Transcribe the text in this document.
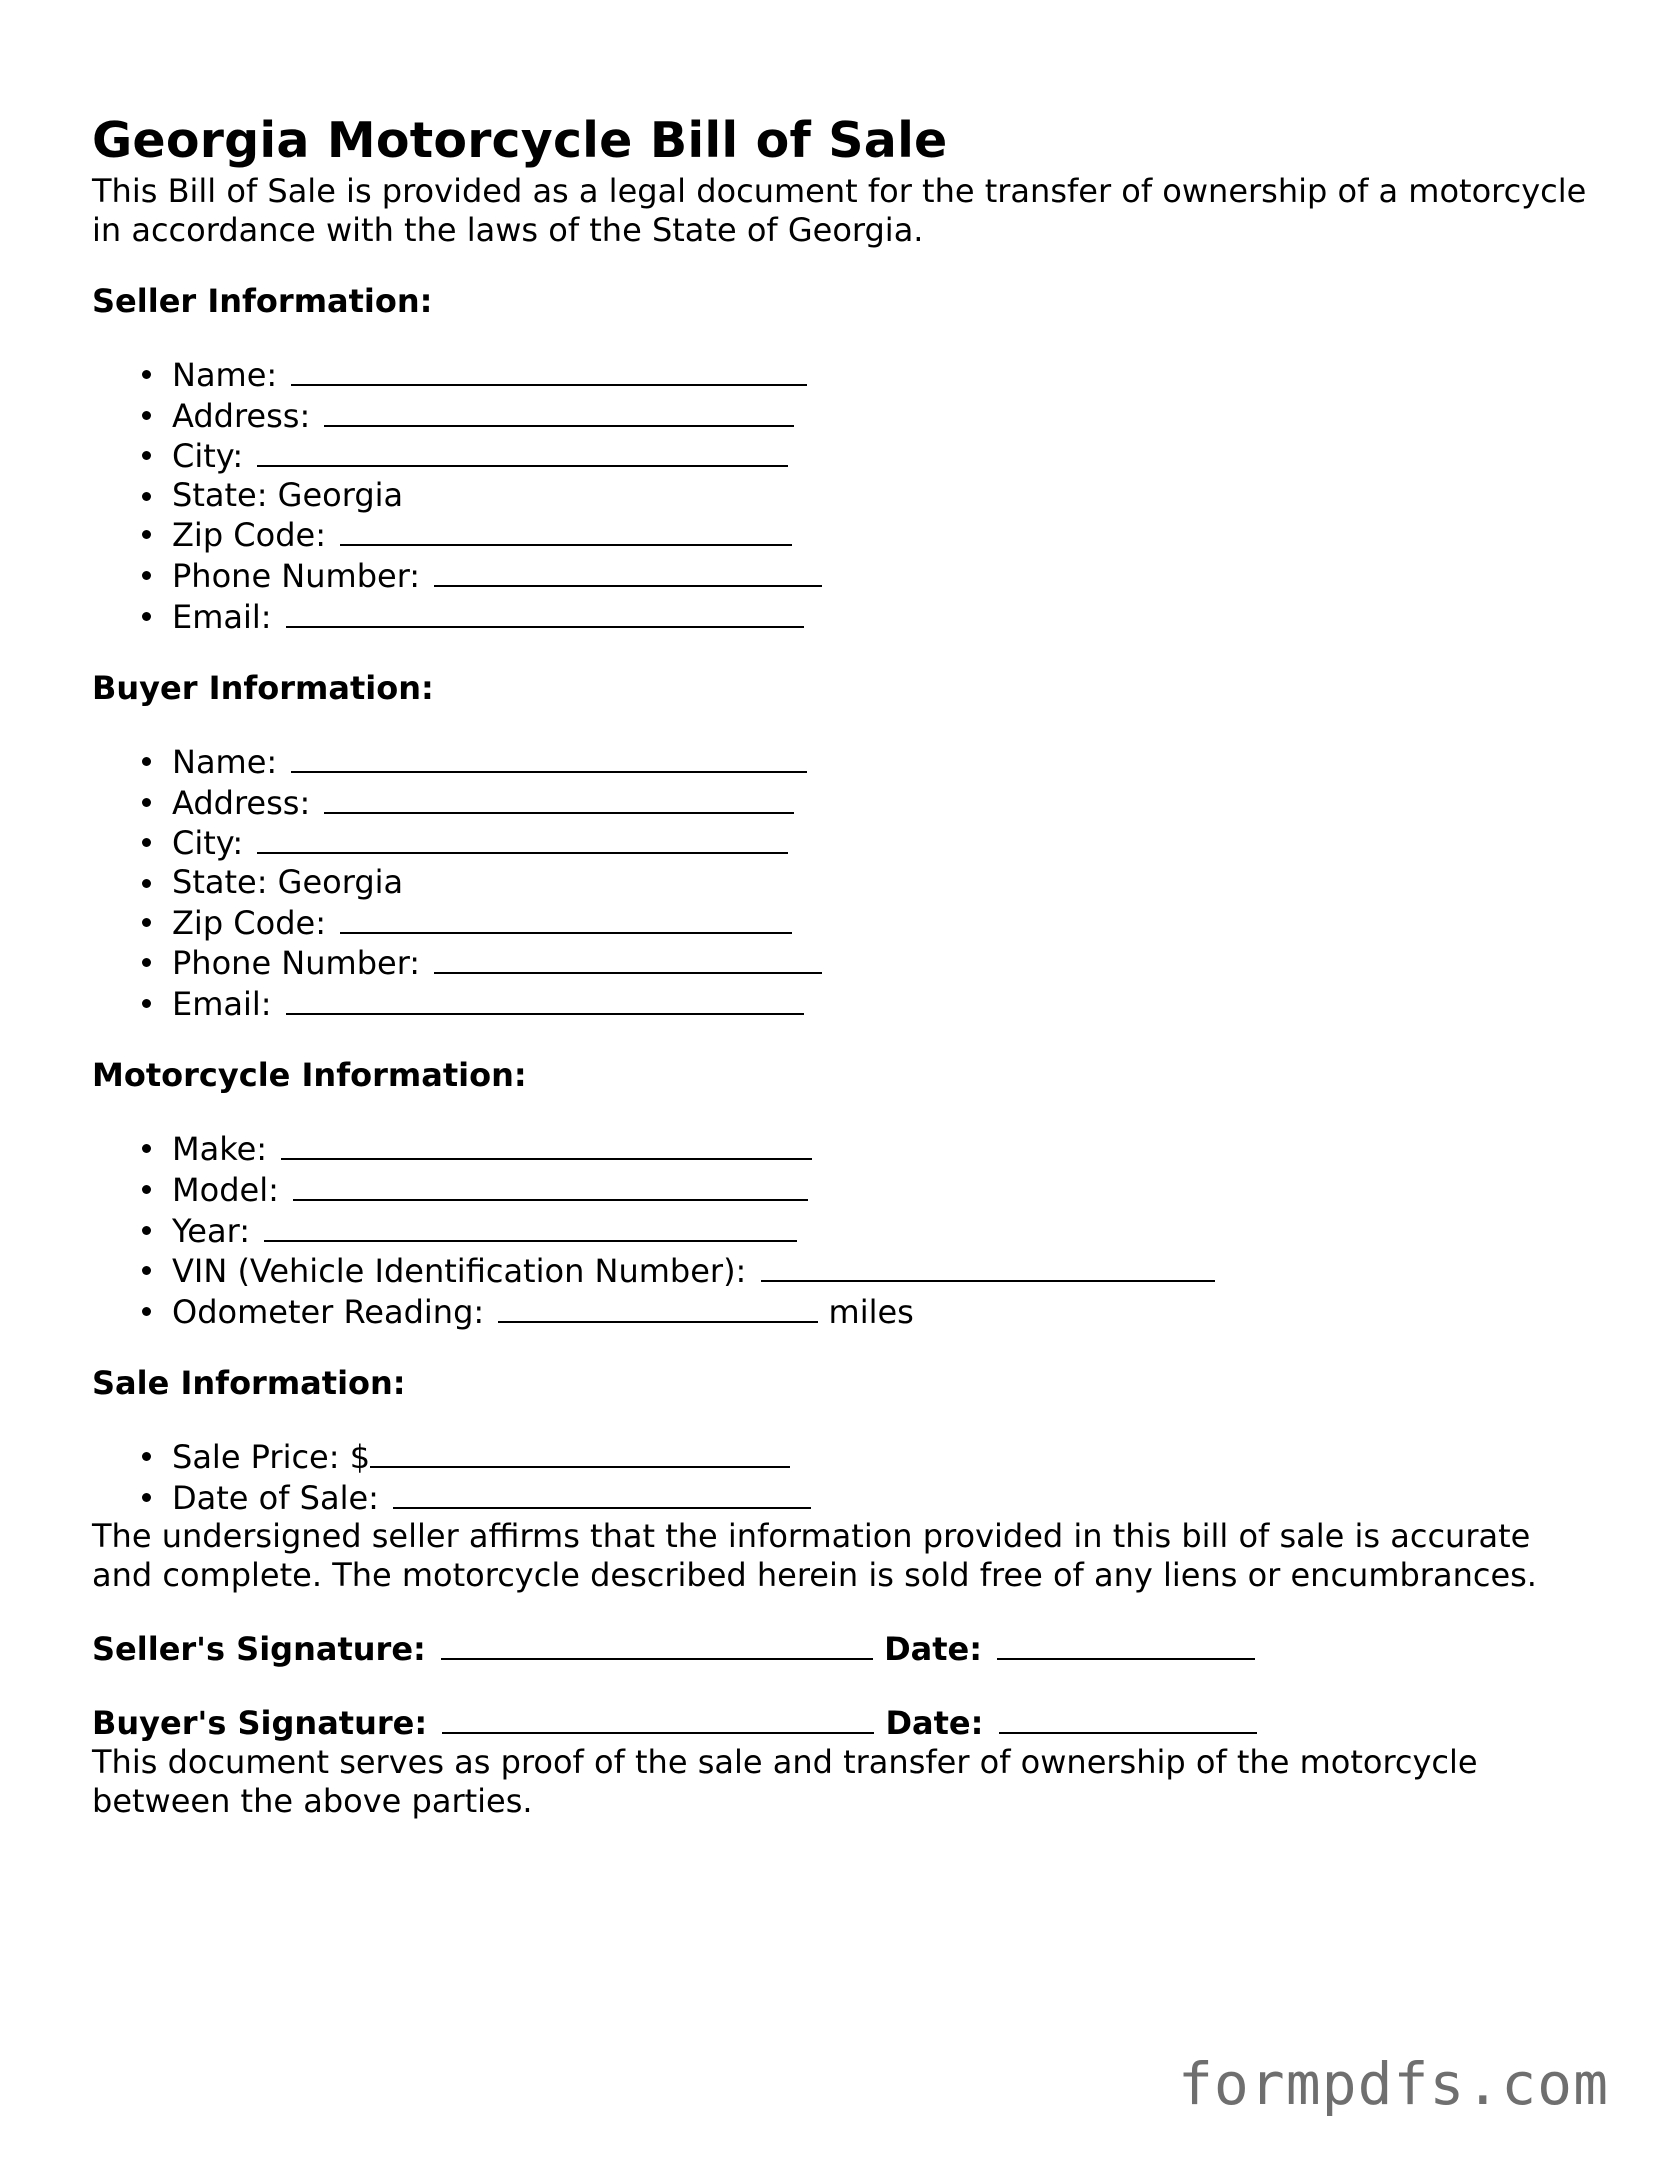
Georgia Motorcycle Bill of Sale

This Bill of Sale is provided as a legal document for the transfer of ownership of a motorcycle in accordance with the laws of the State of Georgia.

Seller Information:
Name:
Address:
City:
State: Georgia
Zip Code:
Phone Number:
Email:
Buyer Information:
Name:
Address:
City:
State: Georgia
Zip Code:
Phone Number:
Email:
Motorcycle Information:
Make:
Model:
Year:
VIN (Vehicle Identification Number):
Odometer Reading:	miles
Sale Information:
Sale Price: $
Date of Sale:

The undersigned seller affirms that the information provided in this bill of sale is accurate and complete. The motorcycle described herein is sold free of any liens or encumbrances.

Seller's Signature:	Date:
Buyer's Signature:	Date:

This document serves as proof of the sale and transfer of ownership of the motorcycle between the above parties.

formpdfs.com
